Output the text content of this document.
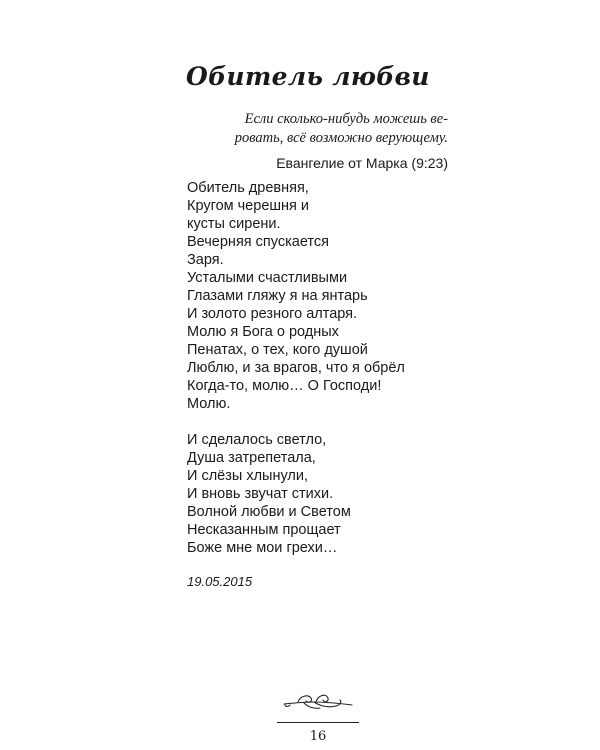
Обитель любви
Если сколько-нибудь можешь ве-
ровать, всё возможно верующему.
Евангелие от Марка (9:23)

Обитель древняя,
Кругом черешня и
кусты сирени.
Вечерняя спускается
Заря.
Усталыми счастливыми
Глазами гляжу я на янтарь
И золото резного алтаря.
Молю я Бога о родных
Пенатах, о тех, кого душой
Люблю, и за врагов, что я обрёл
Когда-то, молю… О Господи!
Молю.

И сделалось светло,
Душа затрепетала,
И слёзы хлынули,
И вновь звучат стихи.
Волной любви и Светом
Несказанным прощает
Боже мне мои грехи…

19.05.2015
16
